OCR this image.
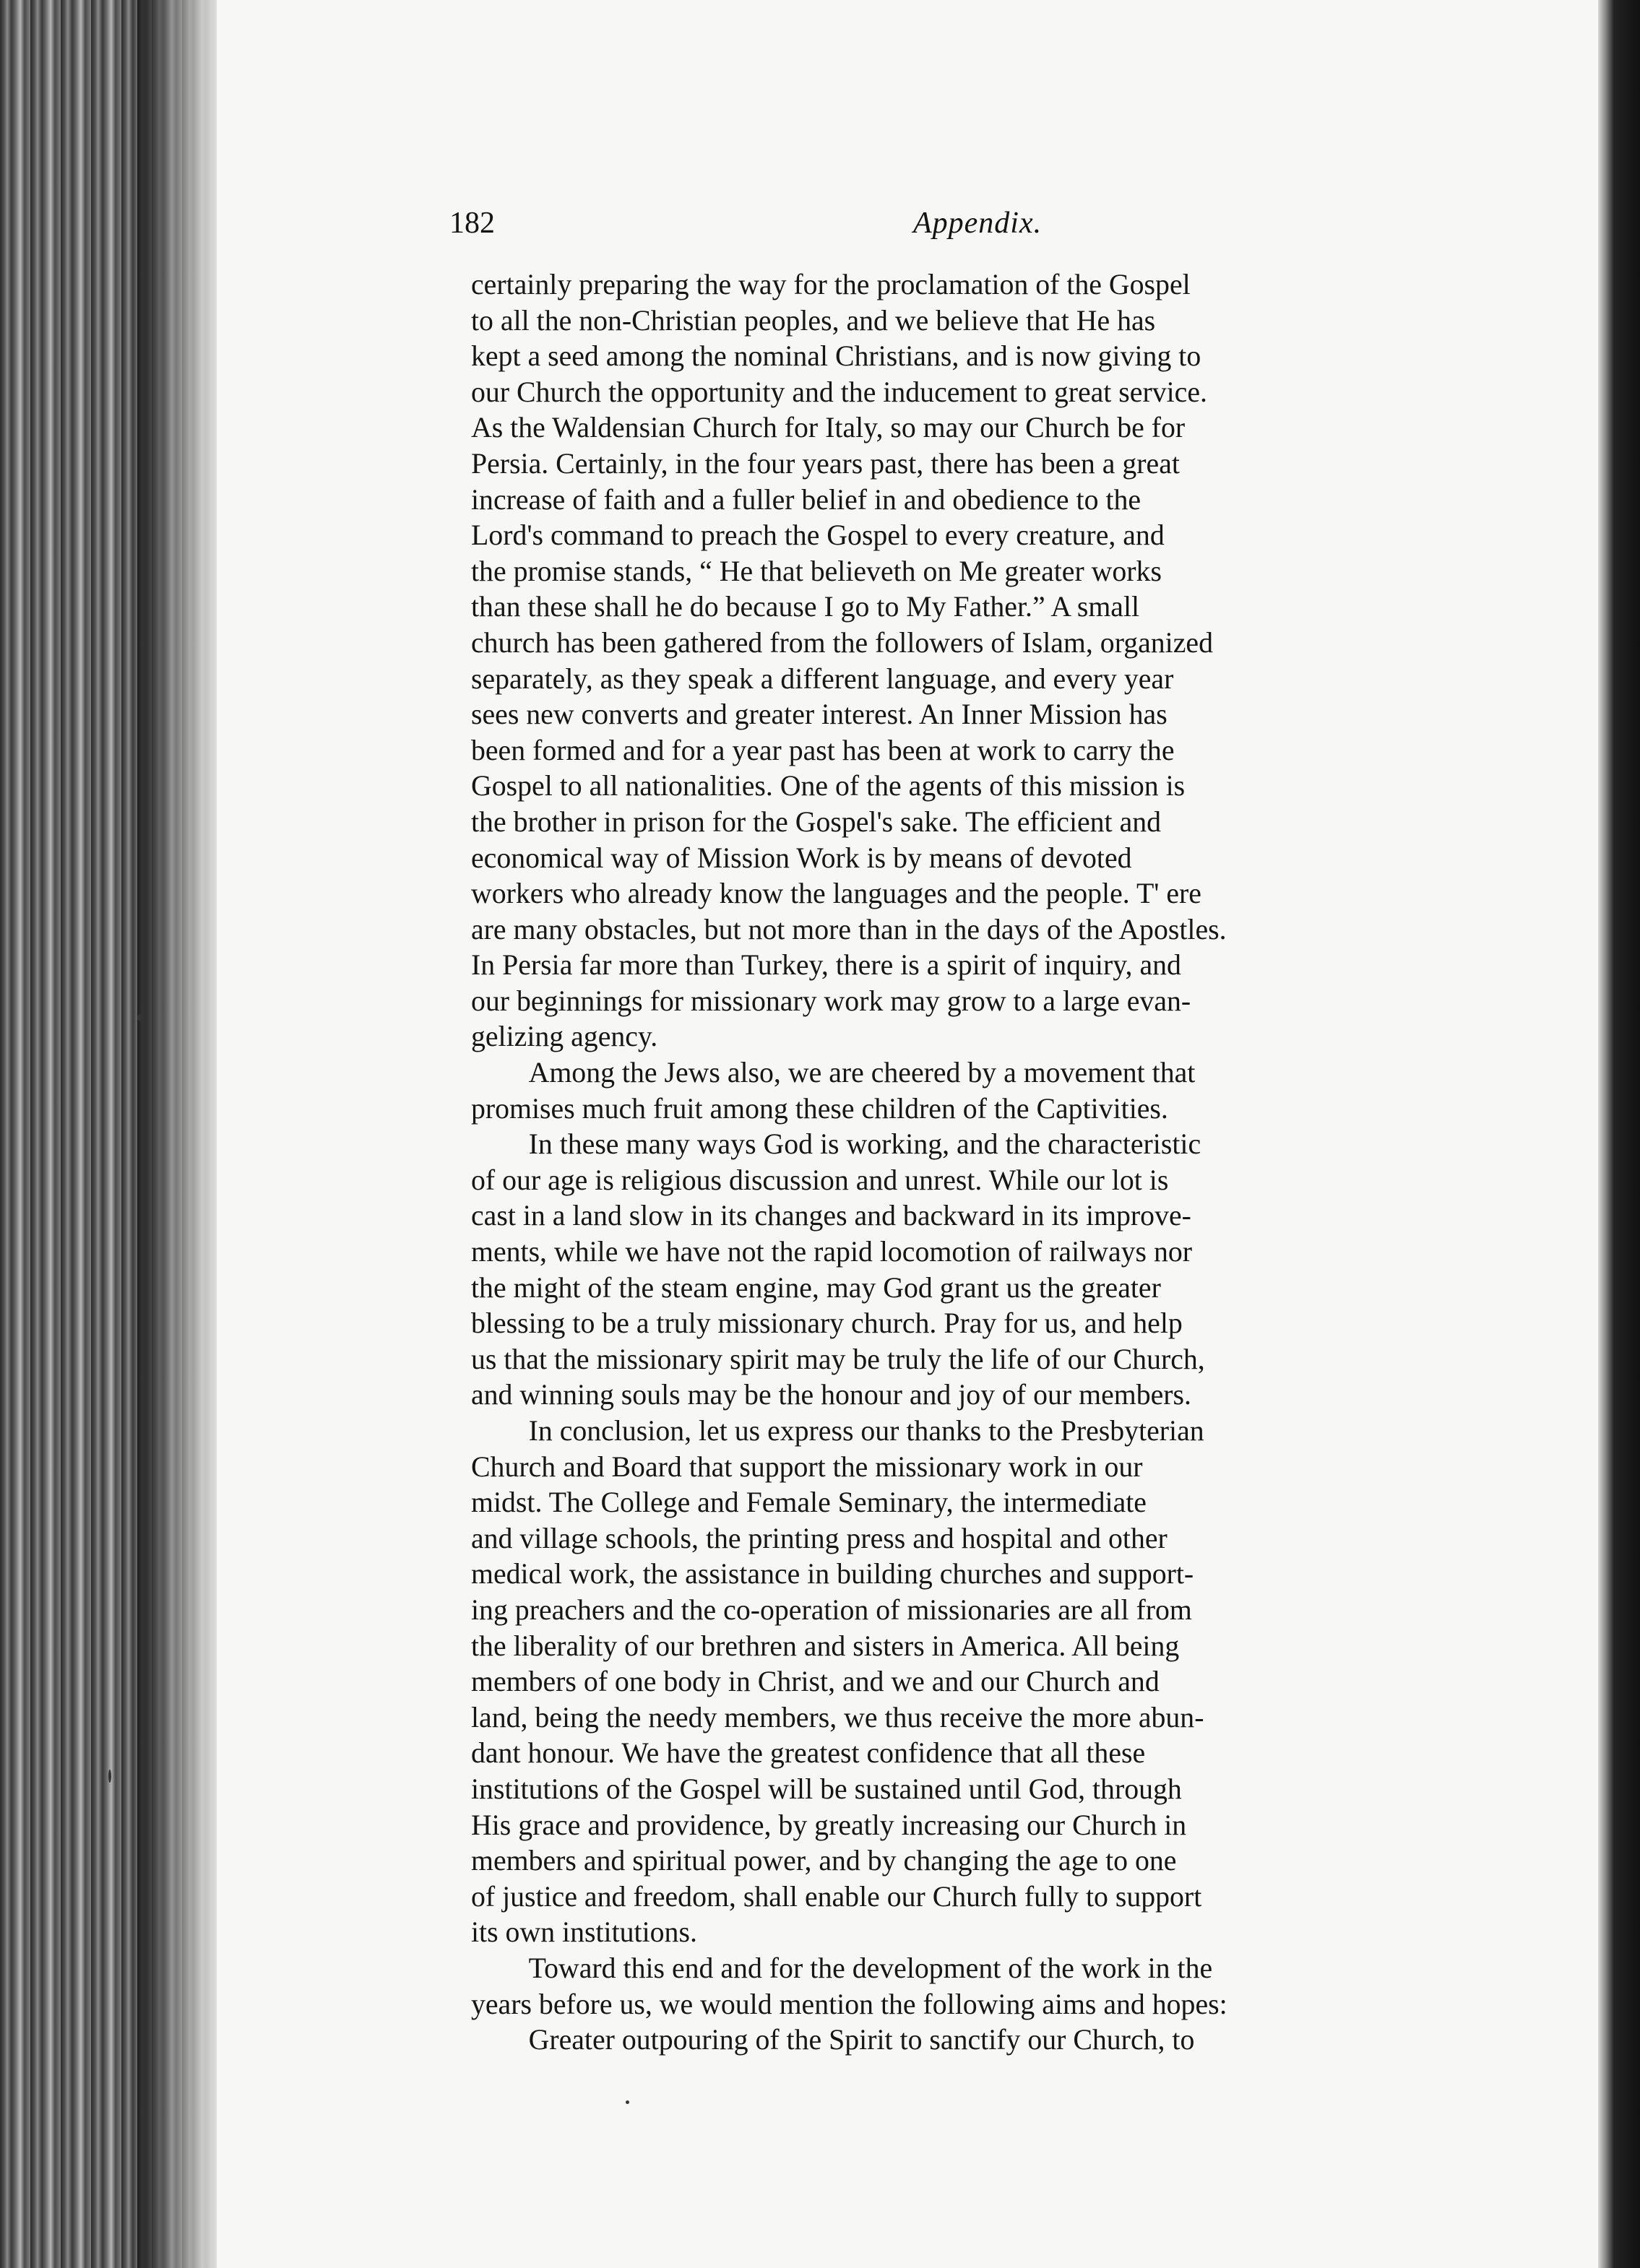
182	Appendix.
certainly preparing the way for the proclamation of the Gospel
to all the non-Christian peoples, and we believe that He has
kept a seed among the nominal Christians, and is now giving to
our Church the opportunity and the inducement to great service.
As the Waldensian Church for Italy, so may our Church be for
Persia. Certainly, in the four years past, there has been a great
increase of faith and a fuller belief in and obedience to the
Lord's command to preach the Gospel to every creature, and
the promise stands, “ He that believeth on Me greater works
than these shall he do because I go to My Father.” A small
church has been gathered from the followers of Islam, organized
separately, as they speak a different language, and every year
sees new converts and greater interest. An Inner Mission has
been formed and for a year past has been at work to carry the
Gospel to all nationalities. One of the agents of this mission is
the brother in prison for the Gospel's sake. The efficient and
economical way of Mission Work is by means of devoted
workers who already know the languages and the people. T' ere
are many obstacles, but not more than in the days of the Apostles.
In Persia far more than Turkey, there is a spirit of inquiry, and
our beginnings for missionary work may grow to a large evan-
gelizing agency.
  Among the Jews also, we are cheered by a movement that
promises much fruit among these children of the Captivities.
  In these many ways God is working, and the characteristic
of our age is religious discussion and unrest. While our lot is
cast in a land slow in its changes and backward in its improve-
ments, while we have not the rapid locomotion of railways nor
the might of the steam engine, may God grant us the greater
blessing to be a truly missionary church. Pray for us, and help
us that the missionary spirit may be truly the life of our Church,
and winning souls may be the honour and joy of our members.
  In conclusion, let us express our thanks to the Presbyterian
Church and Board that support the missionary work in our
midst. The College and Female Seminary, the intermediate
and village schools, the printing press and hospital and other
medical work, the assistance in building churches and support-
ing preachers and the co-operation of missionaries are all from
the liberality of our brethren and sisters in America. All being
members of one body in Christ, and we and our Church and
land, being the needy members, we thus receive the more abun-
dant honour. We have the greatest confidence that all these
institutions of the Gospel will be sustained until God, through
His grace and providence, by greatly increasing our Church in
members and spiritual power, and by changing the age to one
of justice and freedom, shall enable our Church fully to support
its own institutions.
  Toward this end and for the development of the work in the
years before us, we would mention the following aims and hopes:
  Greater outpouring of the Spirit to sanctify our Church, to
